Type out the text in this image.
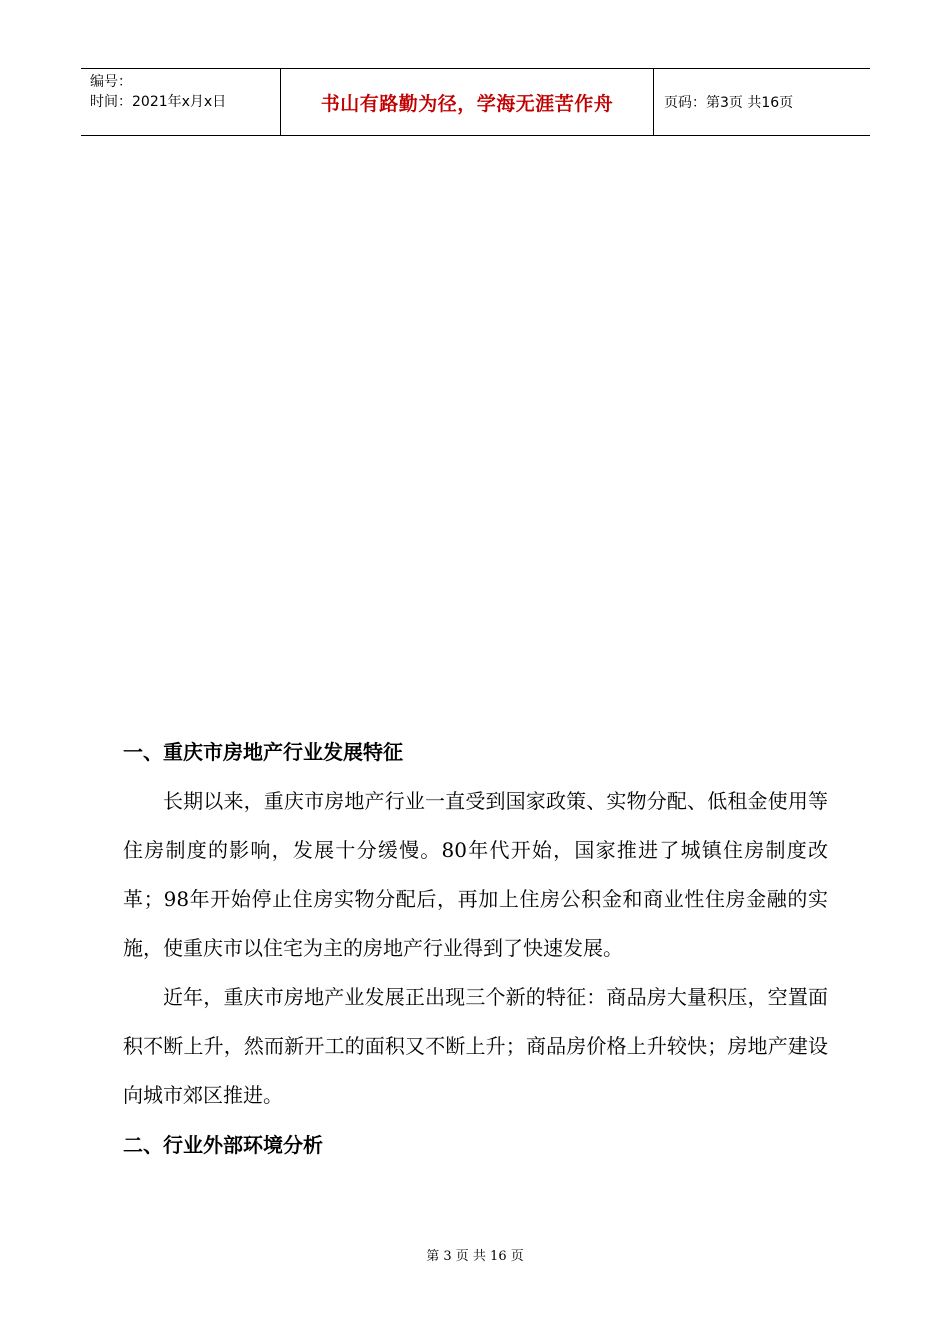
编号：
时间：2021年x月x日	书山有路勤为径，学海无涯苦作舟	页码：第3页 共16页
一、重庆市房地产行业发展特征

长期以来，重庆市房地产行业一直受到国家政策、实物分配、低租金使用等住房制度的影响，发展十分缓慢。80年代开始，国家推进了城镇住房制度改革；98年开始停止住房实物分配后，再加上住房公积金和商业性住房金融的实施，使重庆市以住宅为主的房地产行业得到了快速发展。

近年，重庆市房地产业发展正出现三个新的特征：商品房大量积压，空置面积不断上升，然而新开工的面积又不断上升；商品房价格上升较快；房地产建设向城市郊区推进。

二、行业外部环境分析
第 3 页 共 16 页
